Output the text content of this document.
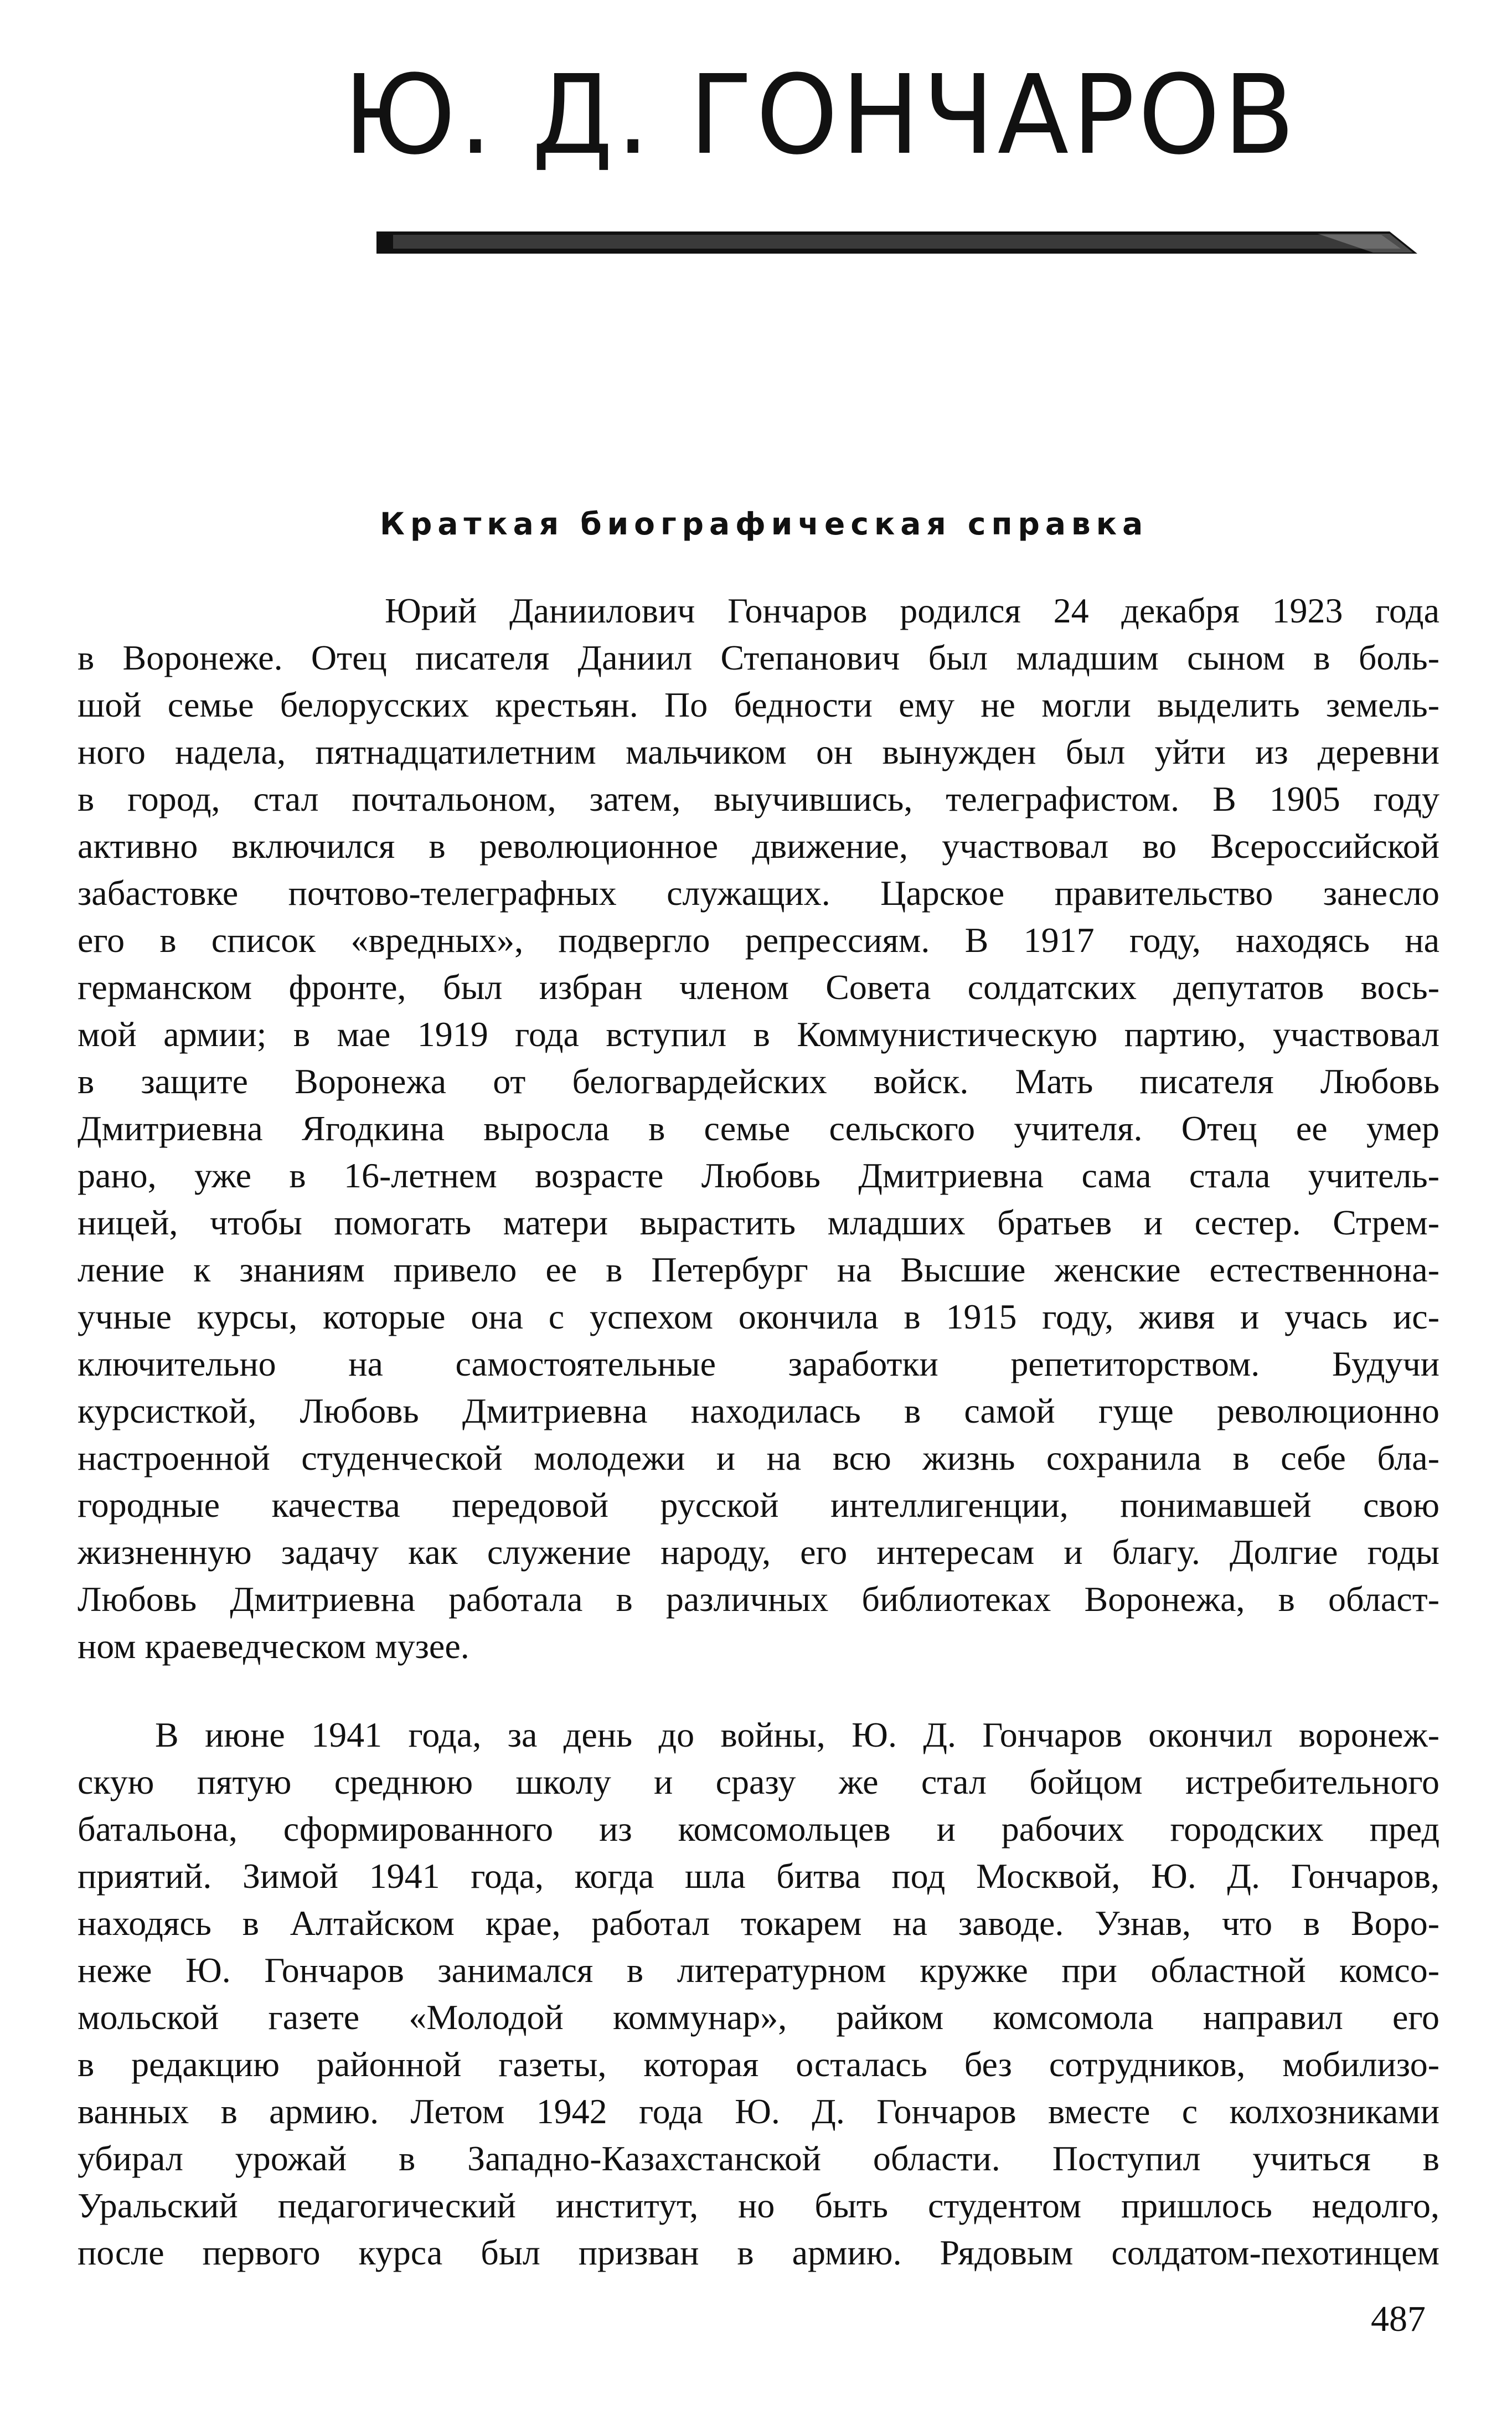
Ю. Д. ГОНЧАРОВ
Краткая биографическая справка
Юрий Даниилович Гончаров родился 24 декабря 1923 года
в Воронеже. Отец писателя Даниил Степанович был младшим сыном в боль-
шой семье белорусских крестьян. По бедности ему не могли выделить земель-
ного надела, пятнадцатилетним мальчиком он вынужден был уйти из деревни
в город, стал почтальоном, затем, выучившись, телеграфистом. В 1905 году
активно включился в революционное движение, участвовал во Всероссийской
забастовке почтово-телеграфных служащих. Царское правительство занесло
его в список «вредных», подвергло репрессиям. В 1917 году, находясь на
германском фронте, был избран членом Совета солдатских депутатов вось-
мой армии; в мае 1919 года вступил в Коммунистическую партию, участвовал
в защите Воронежа от белогвардейских войск. Мать писателя Любовь
Дмитриевна Ягодкина выросла в семье сельского учителя. Отец ее умер
рано, уже в 16-летнем возрасте Любовь Дмитриевна сама стала учитель-
ницей, чтобы помогать матери вырастить младших братьев и сестер. Стрем-
ление к знаниям привело ее в Петербург на Высшие женские естественнона-
учные курсы, которые она с успехом окончила в 1915 году, живя и учась ис-
ключительно на самостоятельные заработки репетиторством. Будучи
курсисткой, Любовь Дмитриевна находилась в самой гуще революционно
настроенной студенческой молодежи и на всю жизнь сохранила в себе бла-
городные качества передовой русской интеллигенции, понимавшей свою
жизненную задачу как служение народу, его интересам и благу. Долгие годы
Любовь Дмитриевна работала в различных библиотеках Воронежа, в област-
ном краеведческом музее.
В июне 1941 года, за день до войны, Ю. Д. Гончаров окончил воронеж-
скую пятую среднюю школу и сразу же стал бойцом истребительного
батальона, сформированного из комсомольцев и рабочих городских пред
приятий. Зимой 1941 года, когда шла битва под Москвой, Ю. Д. Гончаров,
находясь в Алтайском крае, работал токарем на заводе. Узнав, что в Воро-
неже Ю. Гончаров занимался в литературном кружке при областной комсо-
мольской газете «Молодой коммунар», райком комсомола направил его
в редакцию районной газеты, которая осталась без сотрудников, мобилизо-
ванных в армию. Летом 1942 года Ю. Д. Гончаров вместе с колхозниками
убирал урожай в Западно-Казахстанской области. Поступил учиться в
Уральский педагогический институт, но быть студентом пришлось недолго,
после первого курса был призван в армию. Рядовым солдатом-пехотинцем
487
